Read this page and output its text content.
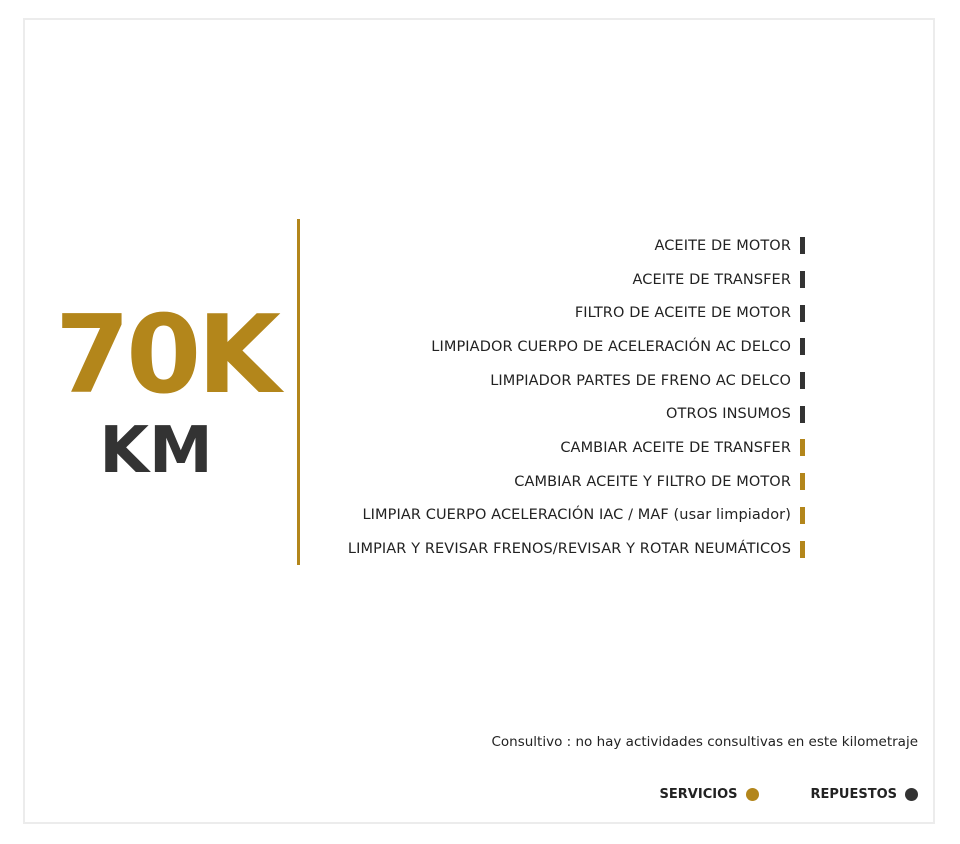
70K
KM
ACEITE DE MOTOR
ACEITE DE TRANSFER
FILTRO DE ACEITE DE MOTOR
LIMPIADOR CUERPO DE ACELERACIÓN AC DELCO
LIMPIADOR PARTES DE FRENO AC DELCO
OTROS INSUMOS
CAMBIAR ACEITE DE TRANSFER
CAMBIAR ACEITE Y FILTRO DE MOTOR
LIMPIAR CUERPO ACELERACIÓN IAC / MAF (usar limpiador)
LIMPIAR Y REVISAR FRENOS/REVISAR Y ROTAR NEUMÁTICOS
Consultivo : no hay actividades consultivas en este kilometraje
SERVICIOS	REPUESTOS
